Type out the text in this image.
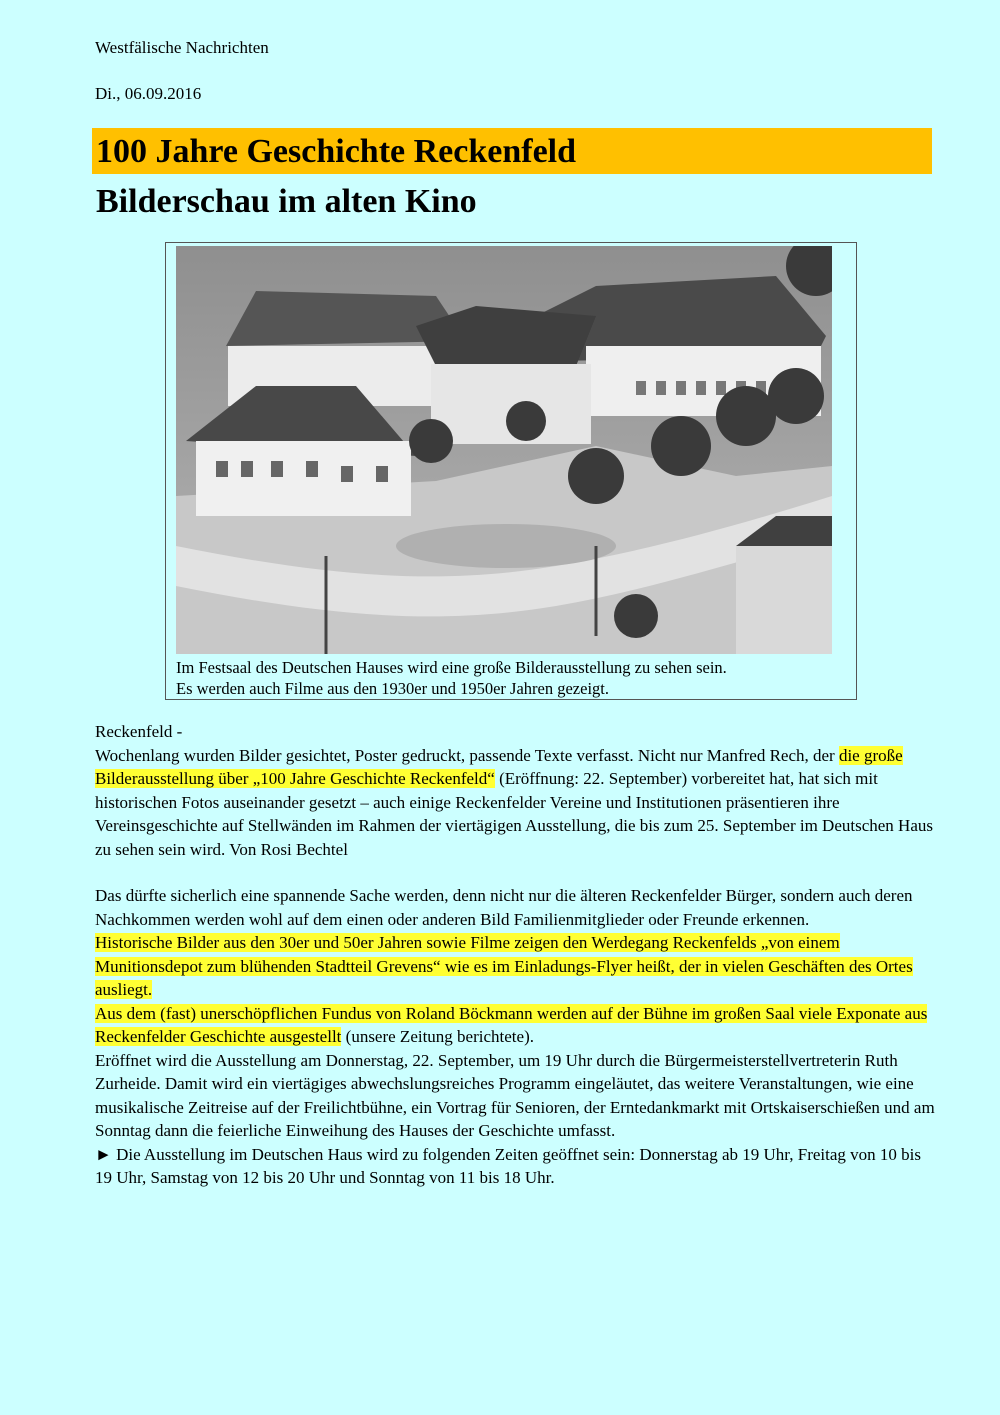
Westfälische Nachrichten
Di., 06.09.2016
100 Jahre Geschichte Reckenfeld
Bilderschau im alten Kino
Im Festsaal des Deutschen Hauses wird eine große Bilderausstellung zu sehen sein.
Es werden auch Filme aus den 1930er und 1950er Jahren gezeigt.

Reckenfeld -

Wochenlang wurden Bilder gesichtet, Poster gedruckt, passende Texte verfasst. Nicht nur Manfred Rech, der die große Bilderausstellung über „100 Jahre Geschichte Reckenfeld“ (Eröffnung: 22. September) vorbereitet hat, hat sich mit historischen Fotos auseinander gesetzt – auch einige Reckenfelder Vereine und Institutionen präsentieren ihre Vereinsgeschichte auf Stellwänden im Rahmen der viertägigen Ausstellung, die bis zum 25. September im Deutschen Haus zu sehen sein wird. Von Rosi Bechtel

Das dürfte sicherlich eine spannende Sache werden, denn nicht nur die älteren Reckenfelder Bürger, sondern auch deren Nachkommen werden wohl auf dem einen oder anderen Bild Familienmitglieder oder Freunde erkennen.

Historische Bilder aus den 30er und 50er Jahren sowie Filme zeigen den Werdegang Reckenfelds „von einem Munitionsdepot zum blühenden Stadtteil Grevens“ wie es im Einladungs-Flyer heißt, der in vielen Geschäften des Ortes ausliegt.

Aus dem (fast) unerschöpflichen Fundus von Roland Böckmann werden auf der Bühne im großen Saal viele Exponate aus Reckenfelder Geschichte ausgestellt (unsere Zeitung berichtete).

Eröffnet wird die Ausstellung am Donnerstag, 22. September, um 19 Uhr durch die Bürgermeisterstellvertreterin Ruth Zurheide. Damit wird ein viertägiges abwechslungsreiches Programm eingeläutet, das weitere Veranstaltungen, wie eine musikalische Zeitreise auf der Freilichtbühne, ein Vortrag für Senioren, der Erntedankmarkt mit Ortskaiserschießen und am Sonntag dann die feierliche Einweihung des Hauses der Geschichte umfasst.

► Die Ausstellung im Deutschen Haus wird zu folgenden Zeiten geöffnet sein: Donnerstag ab 19 Uhr, Freitag von 10 bis 19 Uhr, Samstag von 12 bis 20 Uhr und Sonntag von 11 bis 18 Uhr.
